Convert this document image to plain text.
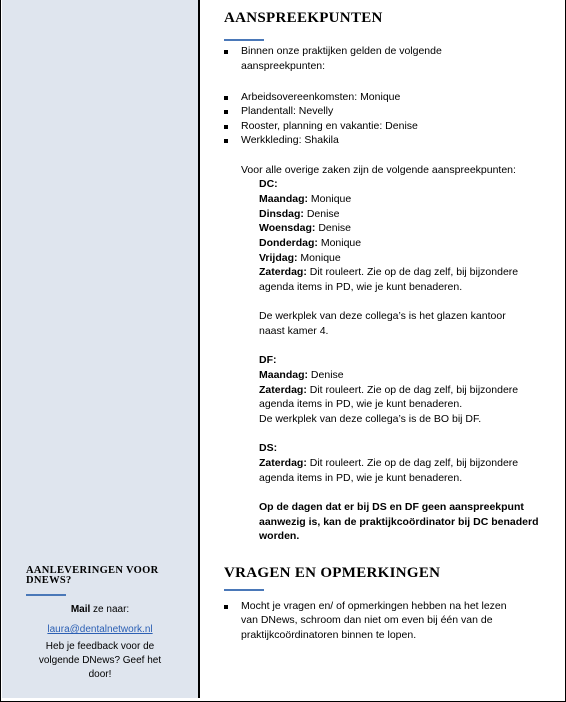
AANLEVERINGEN VOOR DNEWS?
Mail ze naar:
laura@dentalnetwork.nl
Heb je feedback voor de volgende DNews? Geef het door!
AANSPREEKPUNTEN
Binnen onze praktijken gelden de volgende
aanspreekpunten:
Arbeidsovereenkomsten: Monique
Plandentall: Nevelly
Rooster, planning en vakantie: Denise
Werkkleding: Shakila
Voor alle overige zaken zijn de volgende aanspreekpunten:
DC:
Maandag: Monique
Dinsdag: Denise
Woensdag: Denise
Donderdag: Monique
Vrijdag: Monique
Zaterdag: Dit rouleert. Zie op de dag zelf, bij bijzondere
agenda items in PD, wie je kunt benaderen.
De werkplek van deze collega’s is het glazen kantoor
naast kamer 4.
DF:
Maandag: Denise
Zaterdag: Dit rouleert. Zie op de dag zelf, bij bijzondere
agenda items in PD, wie je kunt benaderen.
De werkplek van deze collega’s is de BO bij DF.
DS:
Zaterdag: Dit rouleert. Zie op de dag zelf, bij bijzondere
agenda items in PD, wie je kunt benaderen.
Op de dagen dat er bij DS en DF geen aanspreekpunt
aanwezig is, kan de praktijkcoördinator bij DC benaderd
worden.
VRAGEN EN OPMERKINGEN
Mocht je vragen en/ of opmerkingen hebben na het lezen
van DNews, schroom dan niet om even bij één van de
praktijkcoördinatoren binnen te lopen.
